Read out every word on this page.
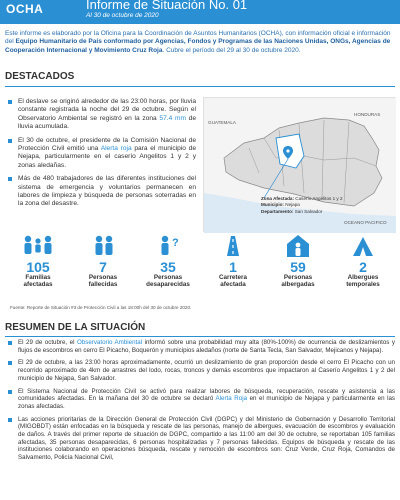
OCHA	Informe de Situación No. 01
Al 30 de octubre de 2020
Este informe es elaborado por la Oficina para la Coordinación de Asuntos Humanitarios (OCHA), con información oficial e información del Equipo Humanitario de País conformado por Agencias, Fondos y Programas de las Naciones Unidas, ONGs, Agencias de Cooperación Internacional y Movimiento Cruz Roja. Cubre el período del 29 al 30 de octubre 2020.
DESTACADOS
El deslave se originó alrededor de las 23:00 horas, por lluvia constante registrada la noche del 29 de octubre. Según el Observatorio Ambiental se registró en la zona 57.4 mm de lluvia acumulada.
El 30 de octubre, el presidente de la Comisión Nacional de Protección Civil emitió una Alerta roja para el municipio de Nejapa, particularmente en el caserío Angelitos 1 y 2 y zonas aledañas.
Más de 480 trabajadores de las diferentes instituciones del sistema de emergencia y voluntarios permanecen en labores de limpieza y búsqueda de personas soterradas en la zona del desastre.
GUATEMALA
HONDURAS
OCEANO PACIFICO
Zona Afectada: Caserío Angelitos 1 y 2
Municipio: Nejapa
Departamento: San Salvador
105
Familias
afectadas
7
Personas
fallecidas
?
35
Personas
desaparecidas
1
Carretera
afectada
59
Personas
albergadas
2
Albergues
temporales
Fuente: Reporte de Situación #3 de Protección Civil a las 18:00h del 30 de octubre 2020.
RESUMEN DE LA SITUACIÓN
El 29 de octubre, el Observatorio Ambiental informó sobre una probabilidad muy alta (80%-100%) de ocurrencia de deslizamientos y flujos de escombros en cerro El Picacho, Boquerón y municipios aledaños (norte de Santa Tecla, San Salvador, Mejicanos y Nejapa).
El 29 de octubre, a las 23:00 horas aproximadamente, ocurrió un deslizamiento de gran proporción desde el cerro El Picacho con un recorrido aproximado de 4km de arrastres del lodo, rocas, troncos y demás escombros que impactaron al Caserío Angelitos 1 y 2 del municipio de Nejapa, San Salvador.
El Sistema Nacional de Protección Civil se activó para realizar labores de búsqueda, recuperación, rescate y asistencia a las comunidades afectadas. En la mañana del 30 de octubre se declaró Alerta Roja en el municipio de Nejapa y particularmente en las zonas afectadas.
Las acciones prioritarias de la Dirección General de Protección Civil (DGPC) y del Ministerio de Gobernación y Desarrollo Territorial (MIGOBDT) están enfocadas en la búsqueda y rescate de las personas, manejo de albergues, evacuación de escombros y evaluación de daños. A través del primer reporte de situación de DGPC, compartido a las 11:00 am del 30 de octubre, se reportaban 105 familias afectadas, 35 personas desaparecidas, 6 personas hospitalizadas y 7 personas fallecidas. Equipos de búsqueda y rescate de las instituciones colaborando en operaciones búsqueda, rescate y remoción de escombros son: Cruz Verde, Cruz Roja, Comandos de Salvamento, Policía Nacional Civil,
